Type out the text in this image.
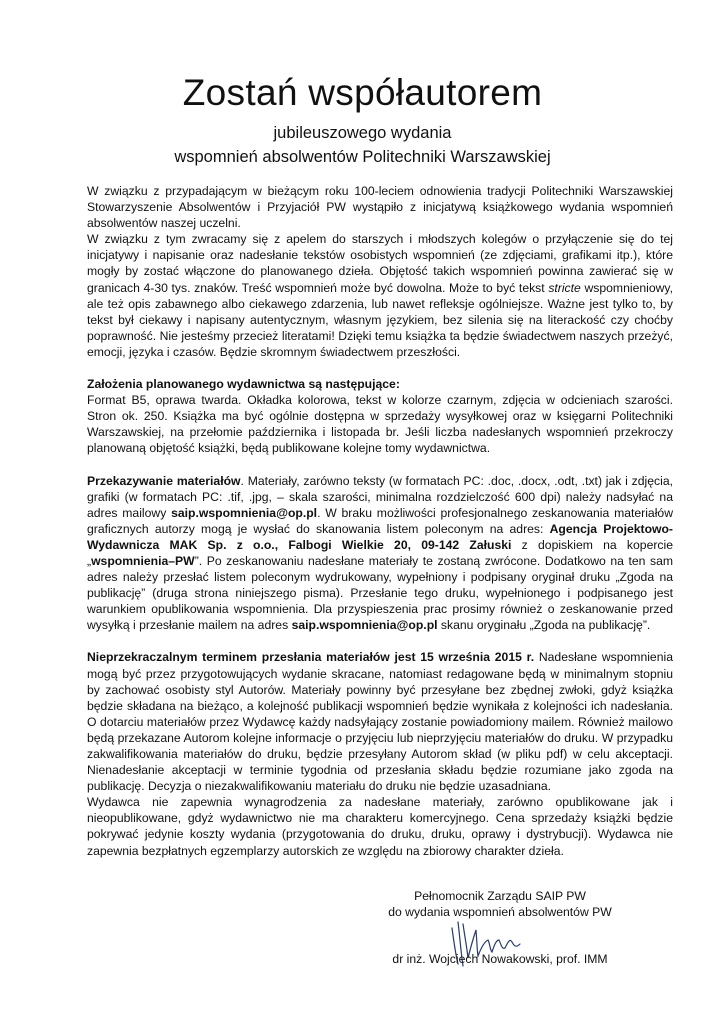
Zostań współautorem

jubileuszowego wydania

wspomnień absolwentów Politechniki Warszawskiej

W związku z przypadającym w bieżącym roku 100-leciem odnowienia tradycji Politechniki Warszawskiej Stowarzyszenie Absolwentów i Przyjaciół PW wystąpiło z inicjatywą książkowego wydania wspomnień absolwentów naszej uczelni.

W związku z tym zwracamy się z apelem do starszych i młodszych kolegów o przyłączenie się do tej inicjatywy i napisanie oraz nadesłanie tekstów osobistych wspomnień (ze zdjęciami, grafikami itp.), które mogły by zostać włączone do planowanego dzieła. Objętość takich wspomnień powinna zawierać się w granicach 4-30 tys. znaków. Treść wspomnień może być dowolna. Może to być tekst stricte wspomnieniowy, ale też opis zabawnego albo ciekawego zdarzenia, lub nawet refleksje ogólniejsze. Ważne jest tylko to, by tekst był ciekawy i napisany autentycznym, własnym językiem, bez silenia się na literackość czy choćby poprawność. Nie jesteśmy przecież literatami! Dzięki temu książka ta będzie świadectwem naszych przeżyć, emocji, języka i czasów. Będzie skromnym świadectwem przeszłości.

Założenia planowanego wydawnictwa są następujące:

Format B5, oprawa twarda. Okładka kolorowa, tekst w kolorze czarnym, zdjęcia w odcieniach szarości. Stron ok. 250. Książka ma być ogólnie dostępna w sprzedaży wysyłkowej oraz w księgarni Politechniki Warszawskiej, na przełomie października i listopada br. Jeśli liczba nadesłanych wspomnień przekroczy planowaną objętość książki, będą publikowane kolejne tomy wydawnictwa.

Przekazywanie materiałów. Materiały, zarówno teksty (w formatach PC: .doc, .docx, .odt, .txt) jak i zdjęcia, grafiki (w formatach PC: .tif, .jpg, – skala szarości, minimalna rozdzielczość 600 dpi) należy nadsyłać na adres mailowy saip.wspomnienia@op.pl. W braku możliwości profesjonalnego zeskanowania materiałów graficznych autorzy mogą je wysłać do skanowania listem poleconym na adres: Agencja Projektowo-Wydawnicza MAK Sp. z o.o., Falbogi Wielkie 20, 09-142 Załuski z dopiskiem na kopercie „wspomnienia–PW”. Po zeskanowaniu nadesłane materiały te zostaną zwrócone. Dodatkowo na ten sam adres należy przesłać listem poleconym wydrukowany, wypełniony i podpisany oryginał druku „Zgoda na publikację” (druga strona niniejszego pisma). Przesłanie tego druku, wypełnionego i podpisanego jest warunkiem opublikowania wspomnienia. Dla przyspieszenia prac prosimy również o zeskanowanie przed wysyłką i przesłanie mailem na adres saip.wspomnienia@op.pl skanu oryginału „Zgoda na publikację”.

Nieprzekraczalnym terminem przesłania materiałów jest 15 września 2015 r. Nadesłane wspomnienia mogą być przez przygotowujących wydanie skracane, natomiast redagowane będą w minimalnym stopniu by zachować osobisty styl Autorów. Materiały powinny być przesyłane bez zbędnej zwłoki, gdyż książka będzie składana na bieżąco, a kolejność publikacji wspomnień będzie wynikała z kolejności ich nadesłania. O dotarciu materiałów przez Wydawcę każdy nadsyłający zostanie powiadomiony mailem. Również mailowo będą przekazane Autorom kolejne informacje o przyjęciu lub nieprzyjęciu materiałów do druku. W przypadku zakwalifikowania materiałów do druku, będzie przesyłany Autorom skład (w pliku pdf) w celu akceptacji. Nienadesłanie akceptacji w terminie tygodnia od przesłania składu będzie rozumiane jako zgoda na publikację. Decyzja o niezakwalifikowaniu materiału do druku nie będzie uzasadniana.

Wydawca nie zapewnia wynagrodzenia za nadesłane materiały, zarówno opublikowane jak i nieopublikowane, gdyż wydawnictwo nie ma charakteru komercyjnego. Cena sprzedaży książki będzie pokrywać jedynie koszty wydania (przygotowania do druku, druku, oprawy i dystrybucji). Wydawca nie zapewnia bezpłatnych egzemplarzy autorskich ze względu na zbiorowy charakter dzieła.

Pełnomocnik Zarządu SAIP PW
do wydania wspomnień absolwentów PW
dr inż. Wojciech Nowakowski, prof. IMM
